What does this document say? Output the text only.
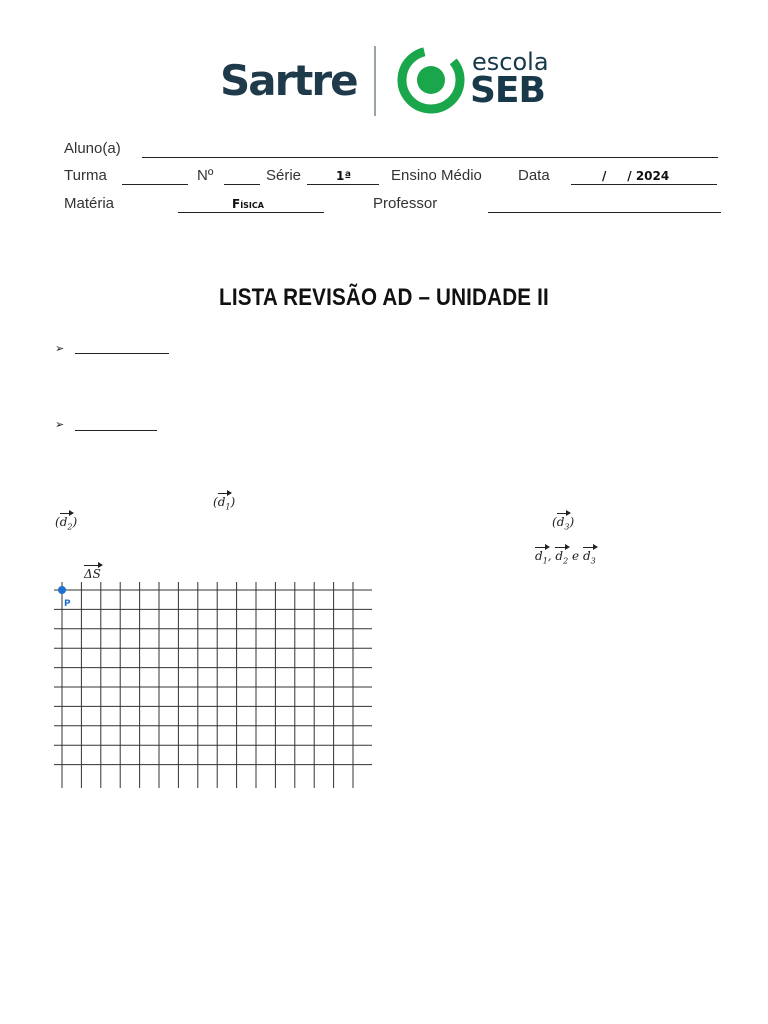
Sartre	escola
SEB
Aluno(a)
Turma	Nº	Série	1ª	Ensino Médio Data	/     / 2024
Matéria	Física	Professor
LISTA REVISÃO AD – UNIDADE II
➢
➢
$(d_1)$
$(d_2)$	$(d_3)$
$d_1$, $d_2$ e $d_3$
ΔS
P
